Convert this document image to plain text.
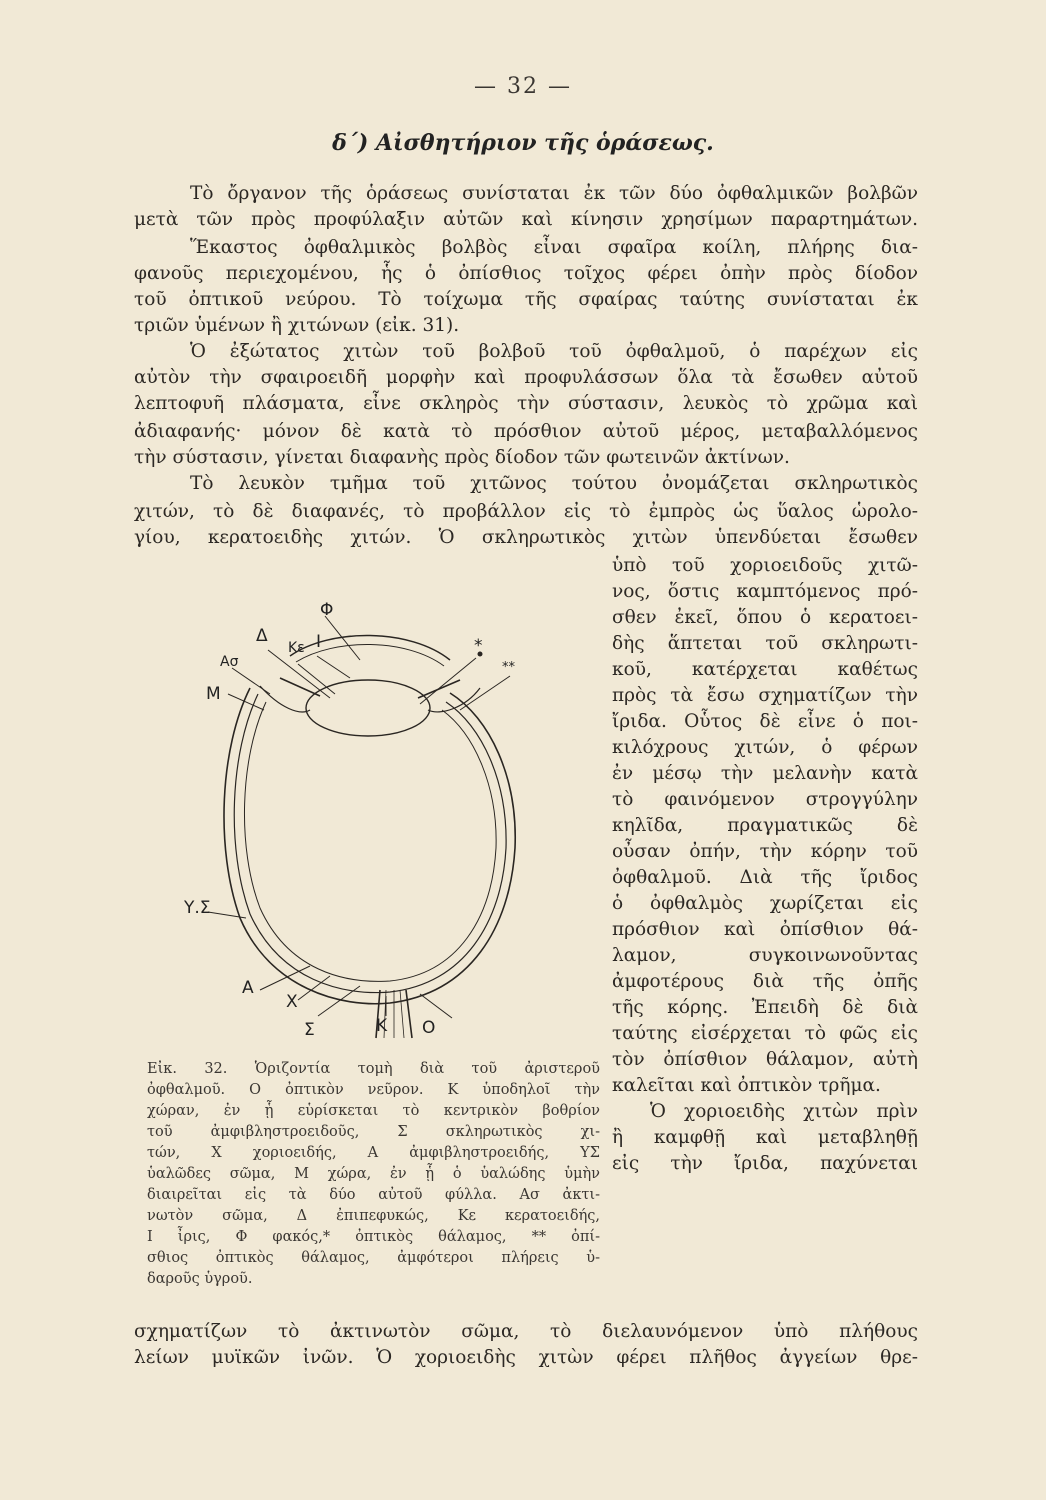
— 32 —
δ΄) Αἰσθητήριον τῆς ὁράσεως.
Τὸ ὄργανον τῆς ὁράσεως συνίσταται ἐκ τῶν δύο ὀφθαλμικῶν βολβῶν
μετὰ τῶν πρὸς προφύλαξιν αὐτῶν καὶ κίνησιν χρησίμων παραρτημάτων.
Ἕκαστος ὀφθαλμικὸς βολβὸς εἶναι σφαῖρα κοίλη, πλήρης δια-
φανοῦς περιεχομένου, ἧς ὁ ὀπίσθιος τοῖχος φέρει ὀπὴν πρὸς δίοδον
τοῦ ὀπτικοῦ νεύρου. Τὸ τοίχωμα τῆς σφαίρας ταύτης συνίσταται ἐκ
τριῶν ὑμένων ἢ χιτώνων (εἰκ. 31).
Ὁ ἐξώτατος χιτὼν τοῦ βολβοῦ τοῦ ὀφθαλμοῦ, ὁ παρέχων εἰς
αὐτὸν τὴν σφαιροειδῆ μορφὴν καὶ προφυλάσσων ὅλα τὰ ἔσωθεν αὐτοῦ
λεπτοφυῆ πλάσματα, εἶνε σκληρὸς τὴν σύστασιν, λευκὸς τὸ χρῶμα καὶ
ἀδιαφανής· μόνον δὲ κατὰ τὸ πρόσθιον αὐτοῦ μέρος, μεταβαλλόμενος
τὴν σύστασιν, γίνεται διαφανὴς πρὸς δίοδον τῶν φωτεινῶν ἀκτίνων.
Τὸ λευκὸν τμῆμα τοῦ χιτῶνος τούτου ὀνομάζεται σκληρωτικὸς
χιτών, τὸ δὲ διαφανές, τὸ προβάλλον εἰς τὸ ἐμπρὸς ὡς ὕαλος ὡρολο-
γίου, κερατοειδὴς χιτών. Ὁ σκληρωτικὸς χιτὼν ὑπενδύεται ἔσωθεν
ὑπὸ τοῦ χοριοειδοῦς χιτῶ-
νος, ὅστις καμπτόμενος πρό-
σθεν ἐκεῖ, ὅπου ὁ κερατοει-
δὴς ἅπτεται τοῦ σκληρωτι-
κοῦ, κατέρχεται καθέτως
πρὸς τὰ ἔσω σχηματίζων τὴν
ἴριδα. Οὗτος δὲ εἶνε ὁ ποι-
κιλόχρους χιτών, ὁ φέρων
ἐν μέσῳ τὴν μελανὴν κατὰ
τὸ φαινόμενον στρογγύλην
κηλῖδα, πραγματικῶς δὲ
οὖσαν ὀπήν, τὴν κόρην τοῦ
ὀφθαλμοῦ. Διὰ τῆς ἴριδος
ὁ ὀφθαλμὸς χωρίζεται εἰς
πρόσθιον καὶ ὀπίσθιον θά-
λαμον, συγκοινωνοῦντας
ἀμφοτέρους διὰ τῆς ὀπῆς
τῆς κόρης. Ἐπειδὴ δὲ διὰ
ταύτης εἰσέρχεται τὸ φῶς εἰς
τὸν ὀπίσθιον θάλαμον, αὐτὴ
καλεῖται καὶ ὀπτικὸν τρῆμα.
Ὁ χοριοειδὴς χιτὼν πρὶν
ἢ καμφθῇ καὶ μεταβληθῇ
εἰς τὴν ἴριδα, παχύνεται
Φ
Δ
Κε Ι
Ασ
Μ
*
**
Υ.Σ
Α
Χ
Σ	Κ Ο
Εἰκ. 32. Ὁριζοντία τομὴ διὰ τοῦ ἀριστεροῦ
ὀφθαλμοῦ. Ο ὀπτικὸν νεῦρον. Κ ὑποδηλοῖ τὴν
χώραν, ἐν ᾗ εὑρίσκεται τὸ κεντρικὸν βοθρίον
τοῦ ἀμφιβληστροειδοῦς, Σ σκληρωτικὸς χι-
τών, Χ χοριοειδής, Α ἀμφιβληστροειδής, ΥΣ
ὑαλῶδες σῶμα, Μ χώρα, ἐν ᾗ ὁ ὑαλώδης ὑμὴν
διαιρεῖται εἰς τὰ δύο αὐτοῦ φύλλα. Ασ ἀκτι-
νωτὸν σῶμα, Δ ἐπιπεφυκώς, Κε κερατοειδής,
Ι ἶρις, Φ φακός,* ὀπτικὸς θάλαμος, ** ὀπί-
σθιος ὀπτικὸς θάλαμος, ἀμφότεροι πλήρεις ὑ-
δαροῦς ὑγροῦ.
σχηματίζων τὸ ἀκτινωτὸν σῶμα, τὸ διελαυνόμενον ὑπὸ πλήθους
λείων μυϊκῶν ἰνῶν. Ὁ χοριοειδὴς χιτὼν φέρει πλῆθος ἀγγείων θρε-
